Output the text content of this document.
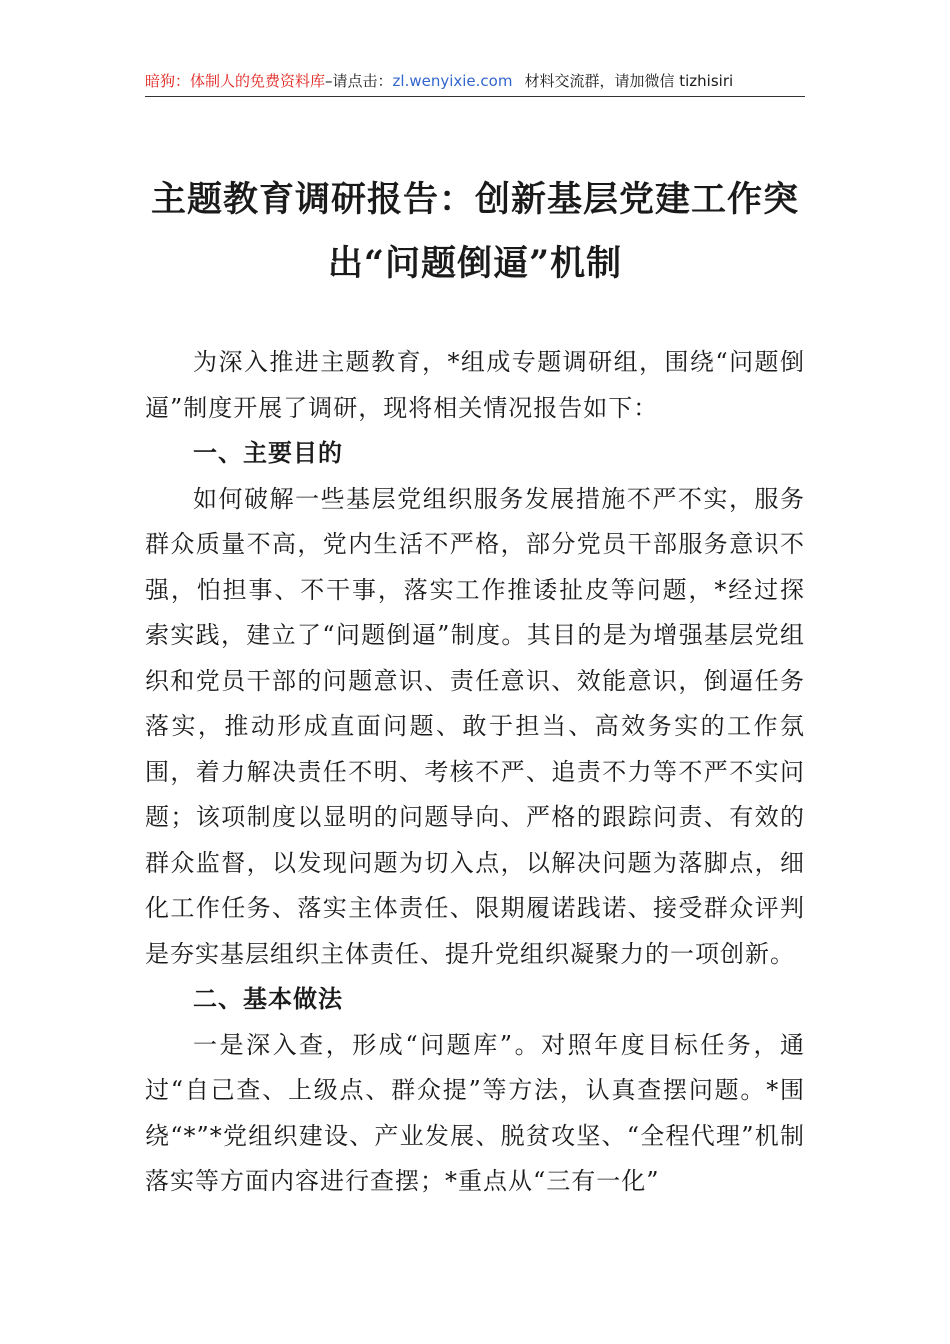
暗狗：体制人的免费资料库–请点击：zl.wenyixie.com 材料交流群，请加微信 tizhisiri
主题教育调研报告：创新基层党建工作突
出“问题倒逼”机制

为深入推进主题教育，*组成专题调研组，围绕“问题倒逼”制度开展了调研，现将相关情况报告如下：

一、主要目的

如何破解一些基层党组织服务发展措施不严不实，服务群众质量不高，党内生活不严格，部分党员干部服务意识不强，怕担事、不干事，落实工作推诿扯皮等问题，*经过探索实践，建立了“问题倒逼”制度。其目的是为增强基层党组织和党员干部的问题意识、责任意识、效能意识，倒逼任务落实，推动形成直面问题、敢于担当、高效务实的工作氛围，着力解决责任不明、考核不严、追责不力等不严不实问题；该项制度以显明的问题导向、严格的跟踪问责、有效的群众监督，以发现问题为切入点，以解决问题为落脚点，细化工作任务、落实主体责任、限期履诺践诺、接受群众评判是夯实基层组织主体责任、提升党组织凝聚力的一项创新。

二、基本做法

一是深入查，形成“问题库”。对照年度目标任务，通过“自己查、上级点、群众提”等方法，认真查摆问题。*围绕“*”*党组织建设、产业发展、脱贫攻坚、“全程代理”机制落实等方面内容进行查摆；*重点从“三有一化”
